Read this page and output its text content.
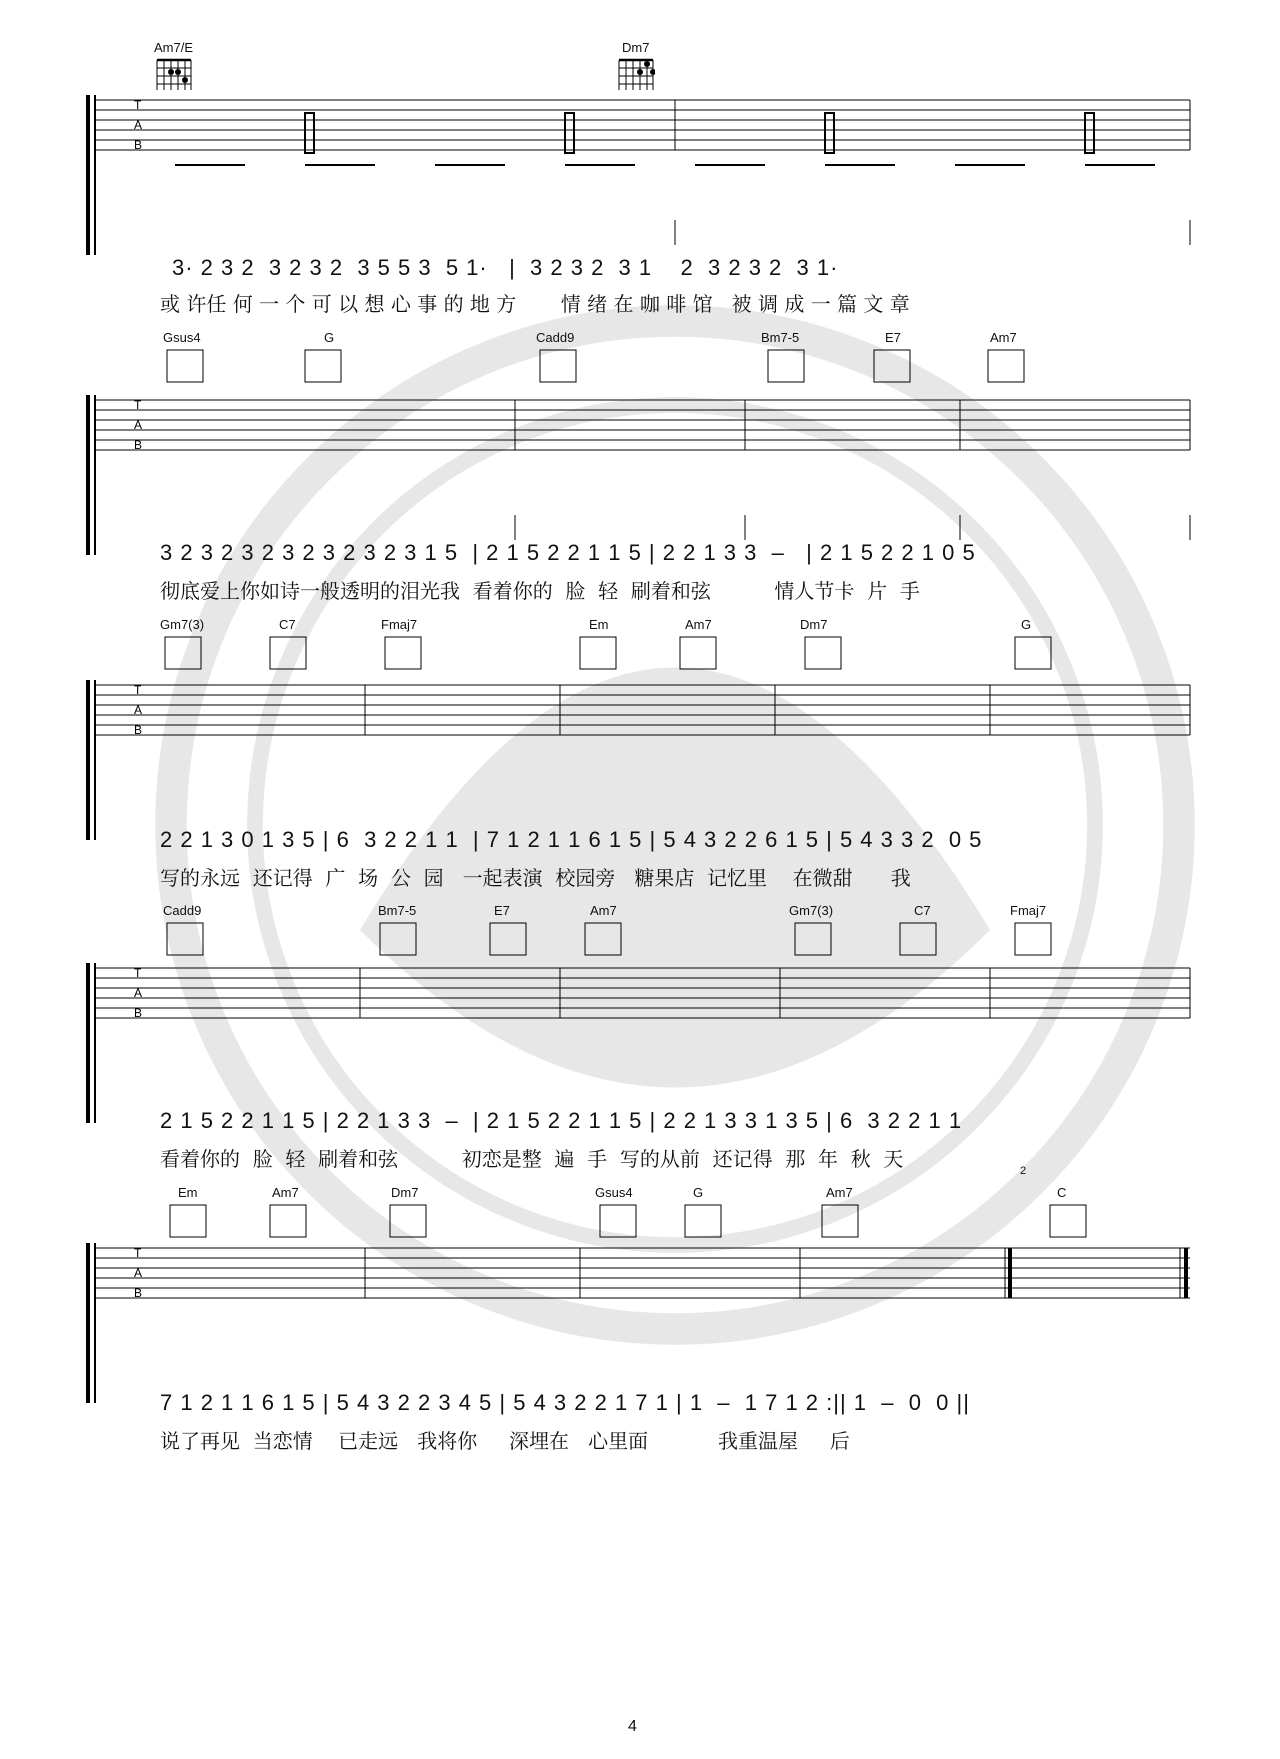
Am7/E	Dm7
T
A
B
3· 2 3 2  3 2 3 2  3 5 5 3  5 1·   |  3 2 3 2  3 1    2  3 2 3 2  3 1·
或 许任 何 一 个 可 以 想 心 事 的 地 方       情 绪 在 咖 啡 馆   被 调 成 一 篇 文 章
Gsus4	G	Cadd9	Bm7-5	E7	Am7
T
A
B
3 2 3 2 3 2 3 2 3 2 3 2 3 1 5  | 2 1 5 2 2 1 1 5 | 2 2 1 3 3  –   | 2 1 5 2 2 1 0 5
彻底爱上你如诗一般透明的泪光我  看着你的  脸  轻  刷着和弦          情人节卡  片  手
Gm7(3)	C7	Fmaj7	Em	Am7	Dm7	G
T
A
B
2 2 1 3 0 1 3 5 | 6  3 2 2 1 1  | 7 1 2 1 1 6 1 5 | 5 4 3 2 2 6 1 5 | 5 4 3 3 2  0 5
写的永远  还记得  广  场  公  园   一起表演  校园旁   糖果店  记忆里    在微甜      我
Cadd9	Bm7-5	E7	Am7	Gm7(3)	C7	Fmaj7
T
A
B
2 1 5 2 2 1 1 5 | 2 2 1 3 3  –  | 2 1 5 2 2 1 1 5 | 2 2 1 3 3 1 3 5 | 6  3 2 2 1 1
看着你的  脸  轻  刷着和弦          初恋是整  遍  手  写的从前  还记得  那  年  秋  天
Em	Am7	Dm7	Gsus4	G	Am7	C
2
T
A
B
7 1 2 1 1 6 1 5 | 5 4 3 2 2 3 4 5 | 5 4 3 2 2 1 7 1 | 1  –  1 7 1 2 :|| 1  –  0  0 ||
说了再见  当恋情    已走远   我将你     深埋在   心里面           我重温屋     后
4
